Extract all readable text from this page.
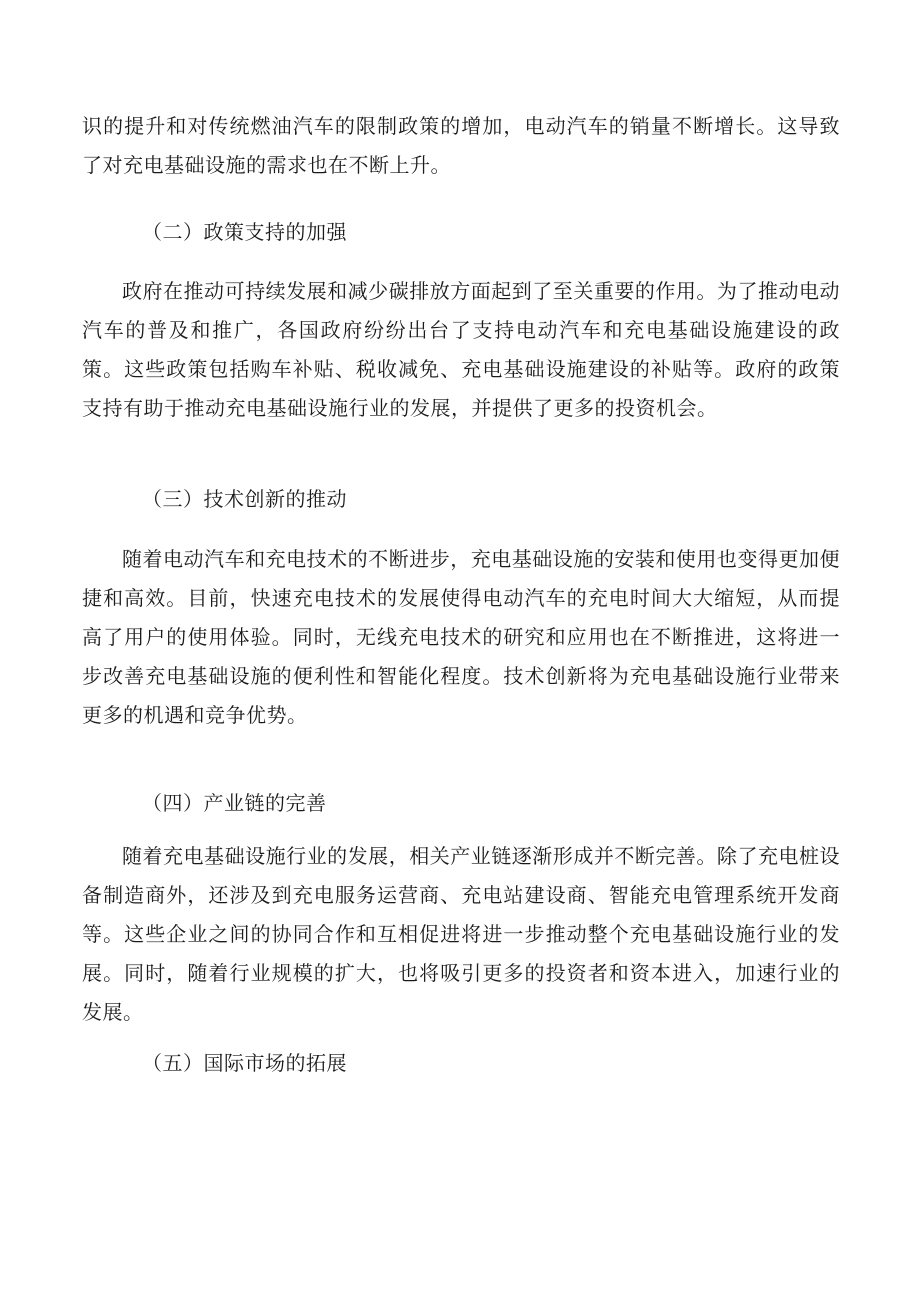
识的提升和对传统燃油汽车的限制政策的增加，电动汽车的销量不断增长。这导致了对充电基础设施的需求也在不断上升。

（二）政策支持的加强

政府在推动可持续发展和减少碳排放方面起到了至关重要的作用。为了推动电动汽车的普及和推广，各国政府纷纷出台了支持电动汽车和充电基础设施建设的政策。这些政策包括购车补贴、税收减免、充电基础设施建设的补贴等。政府的政策支持有助于推动充电基础设施行业的发展，并提供了更多的投资机会。

（三）技术创新的推动

随着电动汽车和充电技术的不断进步，充电基础设施的安装和使用也变得更加便捷和高效。目前，快速充电技术的发展使得电动汽车的充电时间大大缩短，从而提高了用户的使用体验。同时，无线充电技术的研究和应用也在不断推进，这将进一步改善充电基础设施的便利性和智能化程度。技术创新将为充电基础设施行业带来更多的机遇和竞争优势。

（四）产业链的完善

随着充电基础设施行业的发展，相关产业链逐渐形成并不断完善。除了充电桩设备制造商外，还涉及到充电服务运营商、充电站建设商、智能充电管理系统开发商等。这些企业之间的协同合作和互相促进将进一步推动整个充电基础设施行业的发展。同时，随着行业规模的扩大，也将吸引更多的投资者和资本进入，加速行业的发展。

（五）国际市场的拓展
